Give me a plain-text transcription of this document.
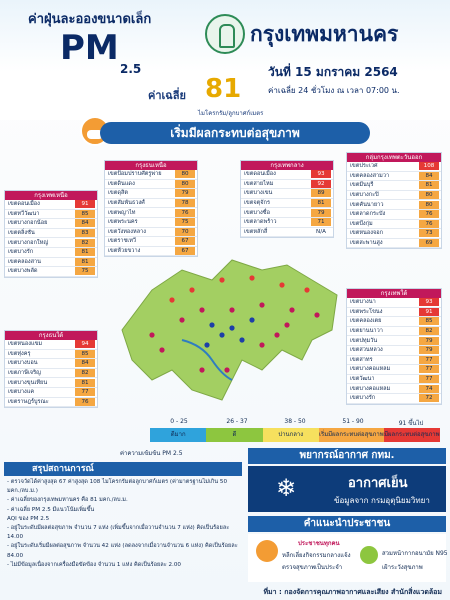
ค่าฝุ่นละอองขนาดเล็ก
PM
2.5
ค่าเฉลี่ย 81
ไมโครกรัม/ลูกบาศก์เมตร
กรุงเทพมหานคร
วันที่ 15 มกราคม 2564
ค่าเฉลี่ย 24 ชั่วโมง ณ เวลา 07:00 น.
เริ่มมีผลกระทบต่อสุขภาพ
กรุงเทพเหนือ
เขตดอนเมือง	91
เขตทวีวัฒนา	85
เขตบางกอกน้อย	84
เขตตลิ่งชัน	83
เขตบางกอกใหญ่	82
เขตบางรัก	81
เขตคลองสาน	81
เขตบางพลัด	75
กรุงธนเหนือ
เขตป้อมปราบศัตรูพ่าย	80
เขตดินแดง	80
เขตดุสิต	79
เขตสัมพันธวงศ์	78
เขตพญาไท	76
เขตพระนคร	75
เขตวังทองหลาง	70
เขตราชเทวี	67
เขตห้วยขวาง	67
กรุงเทพกลาง
เขตดอนเมือง	93
เขตสายไหม	92
เขตบางเขน	89
เขตจตุจักร	81
เขตบางซื่อ	79
เขตลาดพร้าว	71
เขตหลักสี่	N/A
กลุ่มกรุงเทพตะวันออก
เขตประเวศ	108
เขตคลองสามวา	84
เขตมีนบุรี	81
เขตบางกะปิ	80
เขตคันนายาว	80
เขตลาดกระบัง	76
เขตบึงกุ่ม	76
เขตหนองจอก	73
เขตสะพานสูง	69
กรุงธนใต้
เขตหนองแขม	94
เขตทุ่งครุ	85
เขตบางบอน	84
เขตภาษีเจริญ	82
เขตบางขุนเทียน	81
เขตบางแค	77
เขตราษฎร์บูรณะ	76
กรุงเทพใต้
เขตบางนา	93
เขตพระโขนง	91
เขตคลองเตย	85
เขตยานนาวา	82
เขตปทุมวัน	79
เขตสวนหลวง	79
เขตสาทร	77
เขตบางคอแหลม	77
เขตวัฒนา	77
เขตบางคอแหลม	74
เขตบางรัก	72
0 - 25	26 - 37	38 - 50	51 - 90	91 ขึ้นไป
ดีมาก	ดี	ปานกลาง	เริ่มมีผลกระทบต่อสุขภาพ มีผลกระทบต่อสุขภาพ
ค่าความเข้มข้น PM 2.5
สรุปสถานการณ์
- ตรวจวัดได้ค่าสูงสุด 67 ค่าสูงสุด 108 ไมโครกรัมต่อลูกบาศก์เมตร (ค่ามาตรฐานไม่เกิน 50 มคก./ลบ.ม.)
- ค่าเฉลี่ยของกรุงเทพมหานคร คือ 81 มคก./ลบ.ม.
- ค่าเฉลี่ย PM 2.5 มีแนวโน้มเพิ่มขึ้น
AQI ของ PM 2.5
- อยู่ในระดับมีผลต่อสุขภาพ จำนวน 7 แห่ง (เพิ่มขึ้นจากเมื่อวานจำนวน 7 แห่ง) คิดเป็นร้อยละ 14.00
- อยู่ในระดับเริ่มมีผลต่อสุขภาพ จำนวน 42 แห่ง (ลดลงจากเมื่อวานจำนวน 6 แห่ง) คิดเป็นร้อยละ 84.00
- ไม่มีข้อมูลเนื่องจากเครื่องมือขัดข้อง จำนวน 1 แห่ง คิดเป็นร้อยละ 2.00
พยากรณ์อากาศ กทม.
❄	อากาศเย็น
ข้อมูลจาก กรมอุตุนิยมวิทยา
คำแนะนำประชาชน
ประชาชนทุกคน
หลีกเลี่ยงกิจกรรมกลางแจ้ง
ตรวจสุขภาพเป็นประจำ
สวมหน้ากากอนามัย N95
เฝ้าระวังสุขภาพ
ที่มา : กองจัดการคุณภาพอากาศและเสียง สำนักสิ่งแวดล้อม
